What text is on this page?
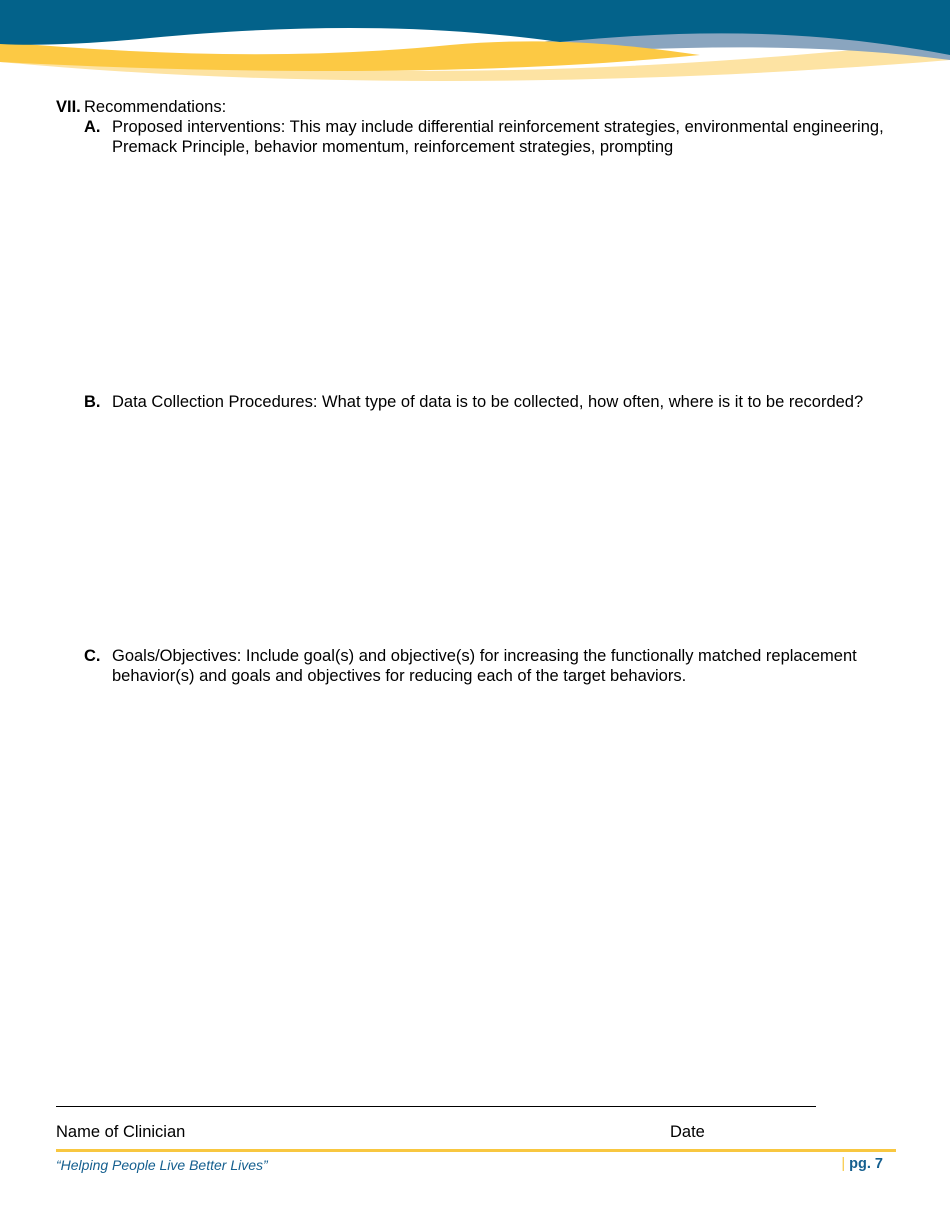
VII. Recommendations:
A. Proposed interventions: This may include differential reinforcement strategies, environmental engineering, Premack Principle, behavior momentum, reinforcement strategies, prompting
B. Data Collection Procedures: What type of data is to be collected, how often, where is it to be recorded?
C. Goals/Objectives: Include goal(s) and objective(s) for increasing the functionally matched replacement behavior(s) and goals and objectives for reducing each of the target behaviors.
Name of Clinician	Date
“Helping People Live Better Lives”	| pg. 7
